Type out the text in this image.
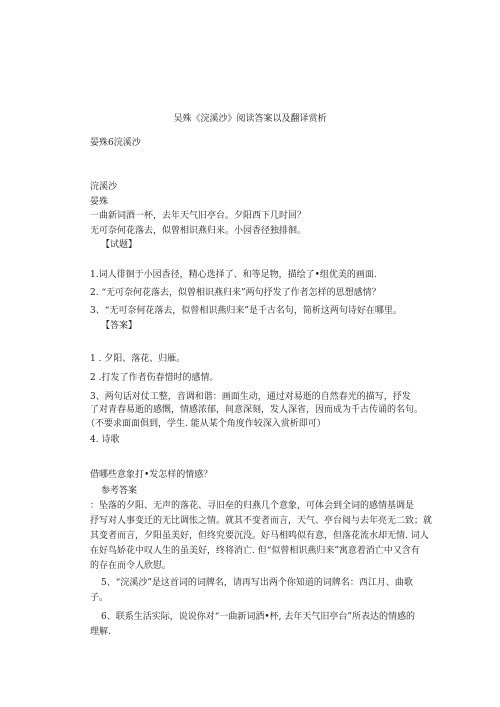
吴殊《浣溪沙》阅读答案以及翻译赏析
晏殊6浣溪沙
浣溪沙
晏殊
一曲新词酒一杯，去年天气旧亭台。夕阳西下几时回？
无可奈何花落去，似曾相识燕归来。小园香径独排徊。
【试题】
1.词人徘徊于小园香径，精心选择了、和等足物，描绘了•组优美的画面.
2. “无可奈何花落去，似曾相识燕归来”两句抒发了作者怎样的思想感情？
3、“无可奈何花落去，似曾相识燕归来”是千古名句，简析这两句诗好在哪里。
【答案】
1 . 夕阳、落花、归雁。
2 .打发了作者伤春惜时的感情。
3、两句话对仗工整，音调和谐：画面生动，通过对易逝的自然春光的描写，抒发
了对青春易逝的感慨，情感浓郁，间意深刻，发人深省，因而成为千古传诵的名句。
（不要求面面俱到，学生. 能从某个角度作较深入赏析即可）
4. 诗歌
借哪些意象打•发怎样的情感？
参考答案
：坠落的夕阳、无声的落花、寻旧垒的归燕几个意象，可体会到全词的感情基调是
抒写对人事变迁的无比调怅之情。就其不变者而言，天气、亭台阅与去年亮无二致；就
其变者而言，夕阳虽美好，但终究要沉没。好马相鸣似有意，但落花流水却无情. 词人
在好鸟娇花中叹人生的虽美好，终将消亡. 但“似曾相识燕归来”寓意着消亡中又含有
的存在而令人欣慰。
5、“浣溪沙”是这首词的词牌名，请再写出两个你知道的词牌名：西江月、曲歌
子。
6、联系生活实际，说说你对“一曲新词酒•杯, 去年天气旧亭台”所表达的情感的
理解.
